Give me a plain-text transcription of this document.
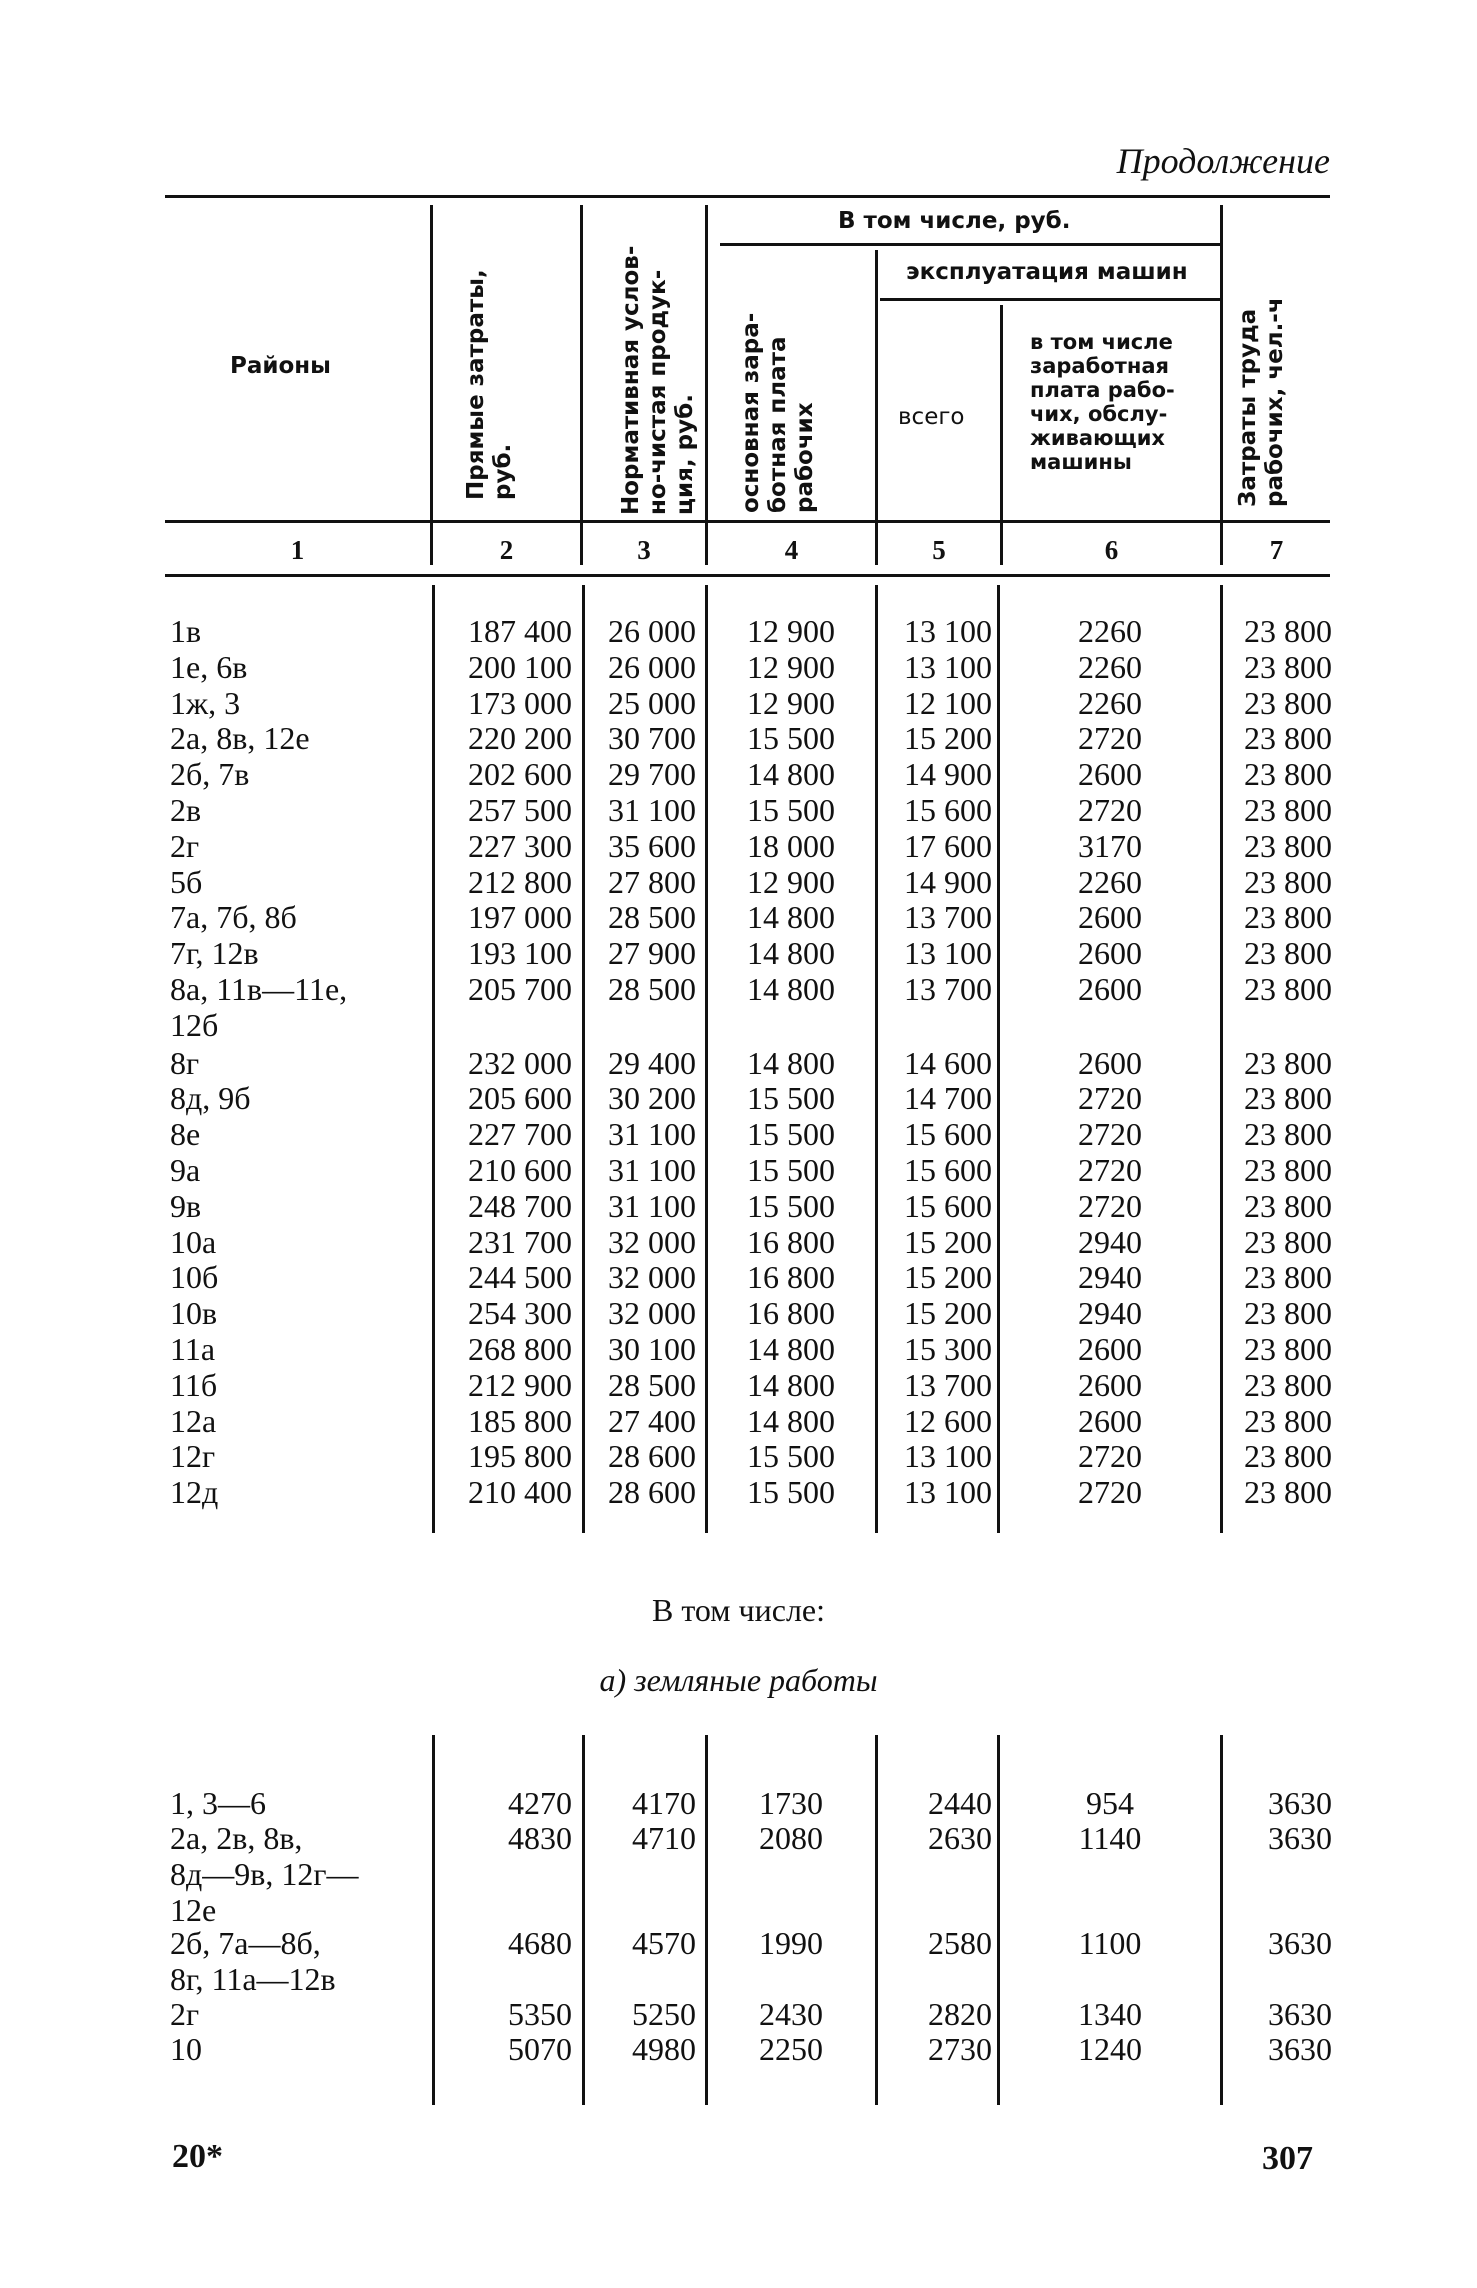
Продолжение
Районы
Прямые затраты,
руб.	Нормативная услов-
но-чистая продук-
ция, руб.
В том числе, руб.
основная зара-
ботная плата
рабочих
эксплуатация машин
всего
в том числе
заработная
плата рабо-
чих, обслу-
живающих
машины	Затраты труда
рабочих, чел.-ч
1	2	3	4	5	6	7
1в	187 400	26 000	12 900	13 100	2260	23 800
1е, 6в	200 100	26 000	12 900	13 100	2260	23 800
1ж, 3	173 000	25 000	12 900	12 100	2260	23 800
2а, 8в, 12е	220 200	30 700	15 500	15 200	2720	23 800
2б, 7в	202 600	29 700	14 800	14 900	2600	23 800
2в	257 500	31 100	15 500	15 600	2720	23 800
2г	227 300	35 600	18 000	17 600	3170	23 800
5б	212 800	27 800	12 900	14 900	2260	23 800
7а, 7б, 8б	197 000	28 500	14 800	13 700	2600	23 800
7г, 12в	193 100	27 900	14 800	13 100	2600	23 800
8а, 11в—11е,
12б
205 700	28 500	14 800	13 700	2600	23 800
8г	232 000	29 400	14 800	14 600	2600	23 800
8д, 9б	205 600	30 200	15 500	14 700	2720	23 800
8е	227 700	31 100	15 500	15 600	2720	23 800
9а	210 600	31 100	15 500	15 600	2720	23 800
9в	248 700	31 100	15 500	15 600	2720	23 800
10а	231 700	32 000	16 800	15 200	2940	23 800
10б	244 500	32 000	16 800	15 200	2940	23 800
10в	254 300	32 000	16 800	15 200	2940	23 800
11а	268 800	30 100	14 800	15 300	2600	23 800
11б	212 900	28 500	14 800	13 700	2600	23 800
12а	185 800	27 400	14 800	12 600	2600	23 800
12г	195 800	28 600	15 500	13 100	2720	23 800
12д	210 400	28 600	15 500	13 100	2720	23 800
В том числе:
а) земляные работы
1, 3—6	4270	4170	1730	2440	954	3630
2а, 2в, 8в,
8д—9в, 12г—
12е
4830	4710	2080	2630	1140	3630
2б, 7а—8б,
8г, 11а—12в
4680	4570	1990	2580	1100	3630
2г	5350	5250	2430	2820	1340	3630
10	5070	4980	2250	2730	1240	3630
20*	307
